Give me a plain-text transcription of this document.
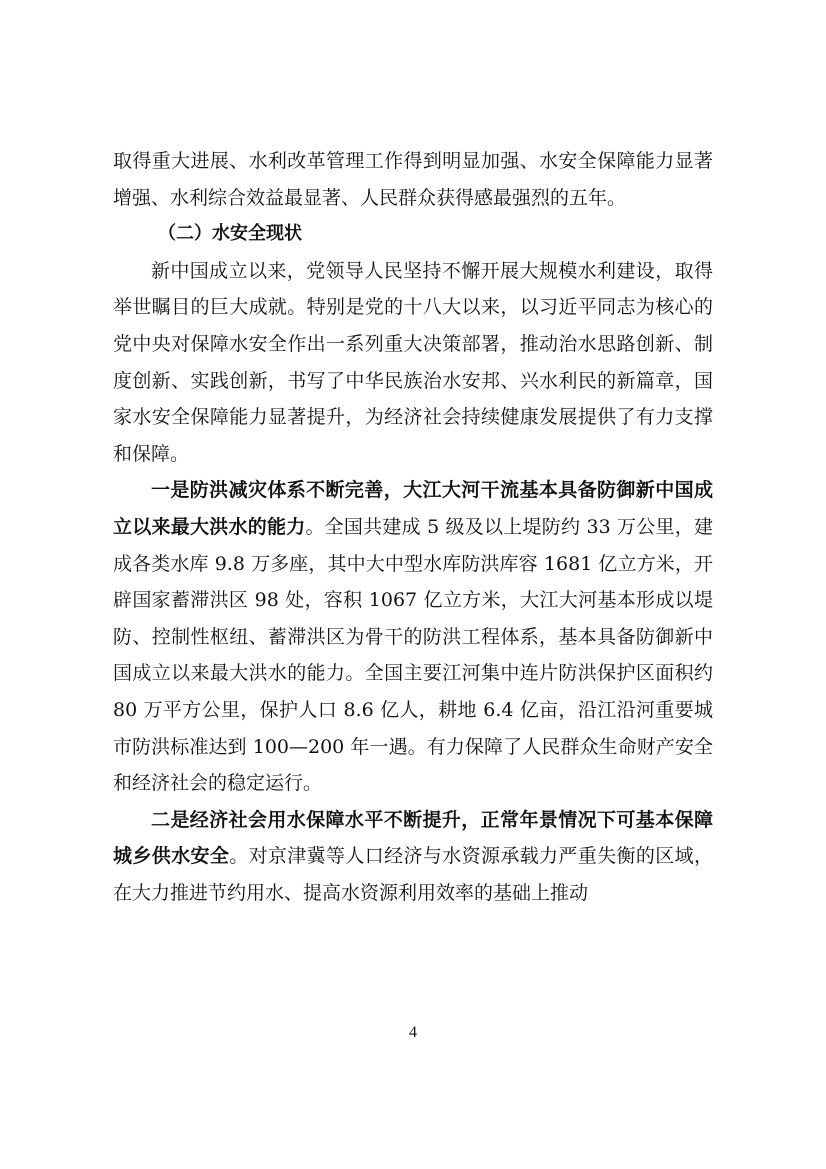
取得重大进展、水利改革管理工作得到明显加强、水安全保障能力显著增强、水利综合效益最显著、人民群众获得感最强烈的五年。

（二）水安全现状

新中国成立以来，党领导人民坚持不懈开展大规模水利建设，取得举世瞩目的巨大成就。特别是党的十八大以来，以习近平同志为核心的党中央对保障水安全作出一系列重大决策部署，推动治水思路创新、制度创新、实践创新，书写了中华民族治水安邦、兴水利民的新篇章，国家水安全保障能力显著提升，为经济社会持续健康发展提供了有力支撑和保障。

一是防洪减灾体系不断完善，大江大河干流基本具备防御新中国成立以来最大洪水的能力。全国共建成 5 级及以上堤防约 33 万公里，建成各类水库 9.8 万多座，其中大中型水库防洪库容 1681 亿立方米，开辟国家蓄滞洪区 98 处，容积 1067 亿立方米，大江大河基本形成以堤防、控制性枢纽、蓄滞洪区为骨干的防洪工程体系，基本具备防御新中国成立以来最大洪水的能力。全国主要江河集中连片防洪保护区面积约 80 万平方公里，保护人口 8.6 亿人，耕地 6.4 亿亩，沿江沿河重要城市防洪标准达到 100—200 年一遇。有力保障了人民群众生命财产安全和经济社会的稳定运行。

二是经济社会用水保障水平不断提升，正常年景情况下可基本保障城乡供水安全。对京津冀等人口经济与水资源承载力严重失衡的区域，在大力推进节约用水、提高水资源利用效率的基础上推动

4
